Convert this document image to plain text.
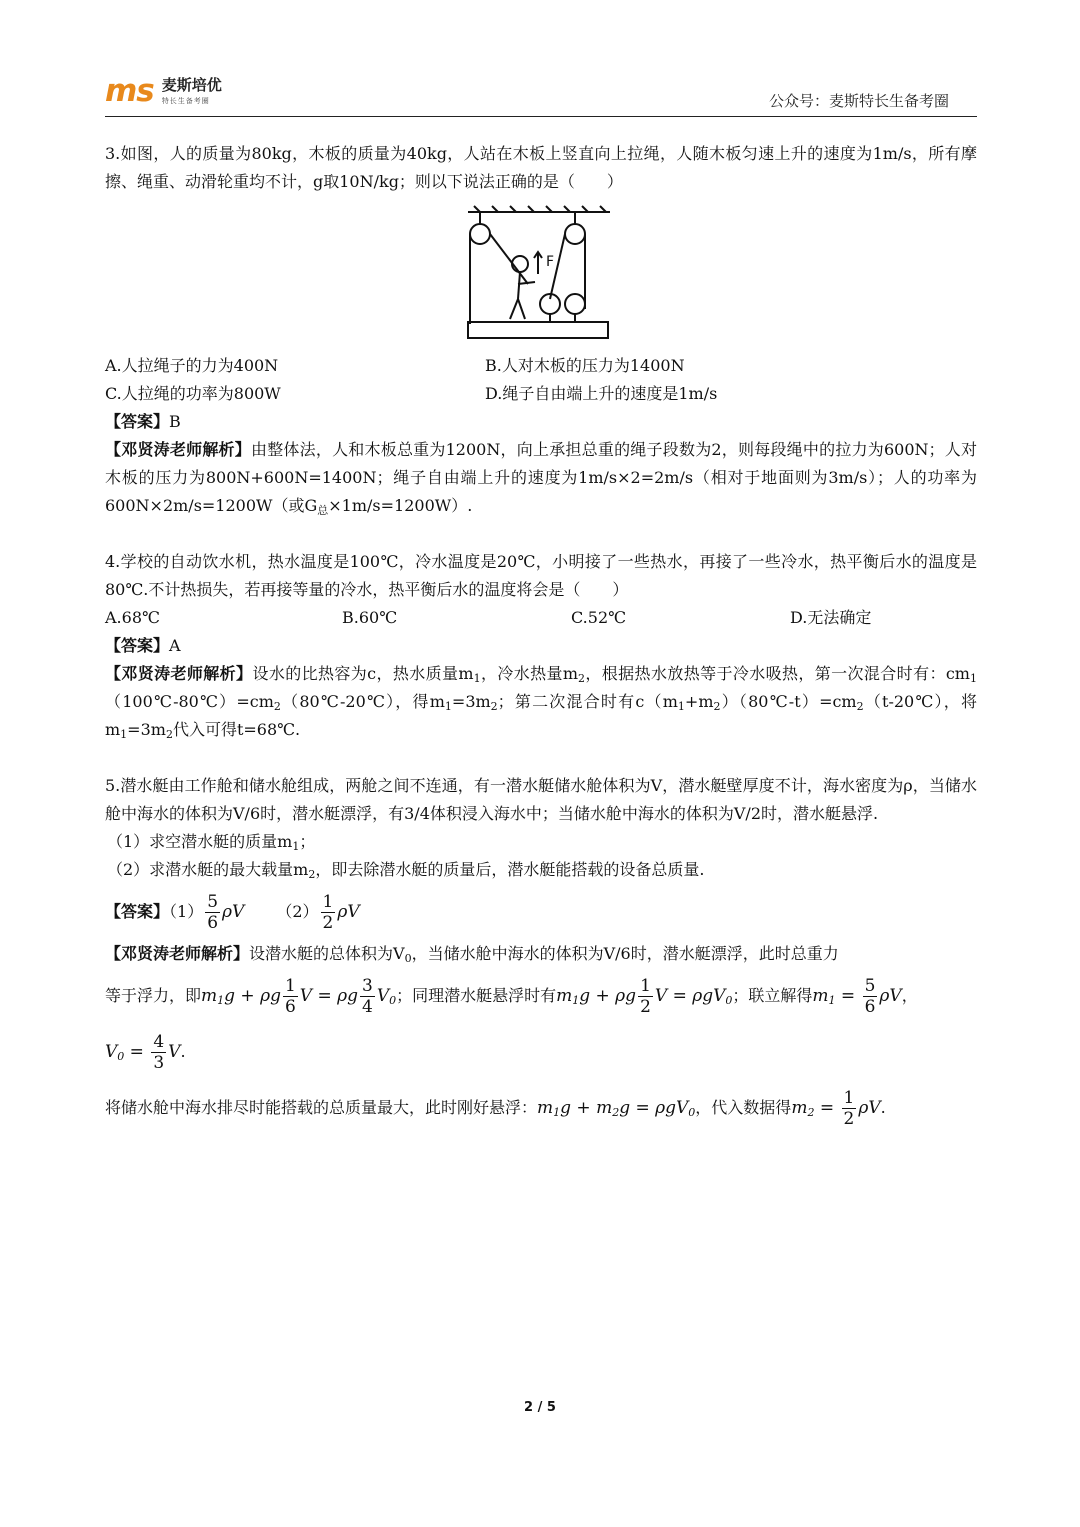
ms 麦斯培优
特长生备考圈	公众号：麦斯特长生备考圈

3.如图，人的质量为80kg，木板的质量为40kg，人站在木板上竖直向上拉绳，人随木板匀速上升的速度为1m/s，所有摩擦、绳重、动滑轮重均不计，g取10N/kg；则以下说法正确的是（　　）

F
A.人拉绳子的力为400N	B.人对木板的压力为1400N
C.人拉绳的功率为800W	D.绳子自由端上升的速度是1m/s

【答案】B

【邓贤涛老师解析】由整体法，人和木板总重为1200N，向上承担总重的绳子段数为2，则每段绳中的拉力为600N；人对木板的压力为800N+600N=1400N；绳子自由端上升的速度为1m/s×2=2m/s（相对于地面则为3m/s）；人的功率为600N×2m/s=1200W（或$G_总\times 1m/s=1200W$）.

4.学校的自动饮水机，热水温度是100℃，冷水温度是20℃，小明接了一些热水，再接了一些冷水，热平衡后水的温度是80℃.不计热损失，若再接等量的冷水，热平衡后水的温度将会是（　　）

A.68℃	B.60℃	C.52℃	D.无法确定

【答案】A

【邓贤涛老师解析】设水的比热容为c，热水质量$m_1$，冷水热量$m_2$，根据热水放热等于冷水吸热，第一次混合时有：$cm_1(100℃-80℃)=cm_2(80℃-20℃)$，得$m_1=3m_2$；第二次混合时有$c(m_1+m_2)(80℃-t)=cm_2(t-20℃)$，将$m_1=3m_2$代入可得t=68℃.

5.潜水艇由工作舱和储水舱组成，两舱之间不连通，有一潜水艇储水舱体积为V，潜水艇壁厚度不计，海水密度为ρ，当储水舱中海水的体积为V/6时，潜水艇漂浮，有3/4体积浸入海水中；当储水舱中海水的体积为V/2时，潜水艇悬浮.

（1）求空潜水艇的质量$m_1$；

（2）求潜水艇的最大载量$m_2$，即去除潜水艇的质量后，潜水艇能搭载的设备总质量.

【答案】$(1) \frac{5}{6}$ ρV   $(2) \frac{1}{2}$ ρV

【邓贤涛老师解析】设潜水艇的总体积为$V_0$，当储水舱中海水的体积为V/6时，潜水艇漂浮，此时总重力

等于浮力，即$m_1g + \rho g \frac{1}{6}$ V = ρg $\frac{3}{4} V_0$；同理潜水艇悬浮时有$m_1g + \rho g \frac{1}{2}$ V = ρgV$_0$；联立解得$m_1 = \frac{5}{6}$ ρV，

$V_0 = \frac{4}{3} V$.

将储水舱中海水排尽时能搭载的总质量最大，此时刚好悬浮：$m_1g + m_2g = \rho gV_0$，代入数据得$m_2 = \frac{1}{2} \rho V$.

2 / 5
